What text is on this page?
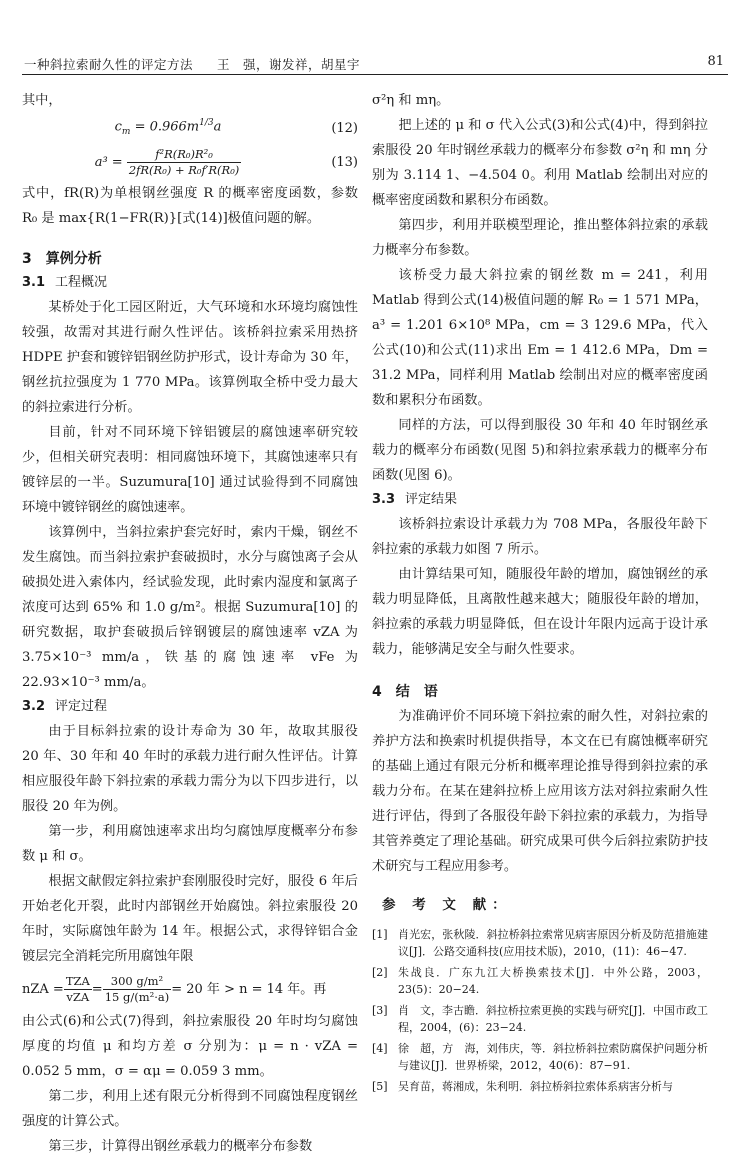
一种斜拉索耐久性的评定方法 王　强，谢发祥，胡星宇	81

其中，

$c_m = 0.966m^{1/3}a$	(12)
$a^3 = \frac{\text{f²R(R₀)R²₀}}{\text{2fR(R₀) + R₀f′R(R₀)}}$	(13)

式中，fR(R)为单根钢丝强度 R 的概率密度函数，参数 R₀ 是 max{R(1−FR(R)}[式(14)]极值问题的解。

3　算例分析
3.1 工程概况

某桥处于化工园区附近，大气环境和水环境均腐蚀性较强，故需对其进行耐久性评估。该桥斜拉索采用热挤 HDPE 护套和镀锌铝钢丝防护形式，设计寿命为 30 年，钢丝抗拉强度为 1 770 MPa。该算例取全桥中受力最大的斜拉索进行分析。

目前，针对不同环境下锌铝镀层的腐蚀速率研究较少，但相关研究表明：相同腐蚀环境下，其腐蚀速率只有镀锌层的一半。Suzumura[10] 通过试验得到不同腐蚀环境中镀锌钢丝的腐蚀速率。

该算例中，当斜拉索护套完好时，索内干燥，钢丝不发生腐蚀。而当斜拉索护套破损时，水分与腐蚀离子会从破损处进入索体内，经试验发现，此时索内湿度和氯离子浓度可达到 65% 和 1.0 g/m²。根据 Suzumura[10] 的研究数据，取护套破损后锌钢镀层的腐蚀速率 vZA 为 3.75×10⁻³ mm/a，铁基的腐蚀速率 vFe 为 22.93×10⁻³ mm/a。

3.2 评定过程

由于目标斜拉索的设计寿命为 30 年，故取其服役 20 年、30 年和 40 年时的承载力进行耐久性评估。计算相应服役年龄下斜拉索的承载力需分为以下四步进行，以服役 20 年为例。

第一步，利用腐蚀速率求出均匀腐蚀厚度概率分布参数 μ 和 σ。

根据文献假定斜拉索护套刚服役时完好，服役 6 年后开始老化开裂，此时内部钢丝开始腐蚀。斜拉索服役 20 年时，实际腐蚀年龄为 14 年。根据公式，求得锌铝合金镀层完全消耗完所用腐蚀年限

nZA = $\frac{\text{TZA}}{\text{vZA}} = \frac{\text{300 g/m²}}{\text{15 g/(m²·a)}} = 20$ 年 > n = 14 年。再

由公式(6)和公式(7)得到，斜拉索服役 20 年时均匀腐蚀厚度的均值 μ 和均方差 σ 分别为：μ = n · vZA = 0.052 5 mm，σ = αμ = 0.059 3 mm。

第二步，利用上述有限元分析得到不同腐蚀程度钢丝强度的计算公式。

第三步，计算得出钢丝承载力的概率分布参数

σ²η 和 mη。

把上述的 μ 和 σ 代入公式(3)和公式(4)中，得到斜拉索服役 20 年时钢丝承载力的概率分布参数 σ²η 和 mη 分别为 3.114 1、−4.504 0。利用 Matlab 绘制出对应的概率密度函数和累积分布函数。

第四步，利用并联模型理论，推出整体斜拉索的承载力概率分布参数。

该桥受力最大斜拉索的钢丝数 m = 241，利用 Matlab 得到公式(14)极值问题的解 R₀ = 1 571 MPa，a³ = 1.201 6×10⁸ MPa，cm = 3 129.6 MPa，代入公式(10)和公式(11)求出 Em = 1 412.6 MPa，Dm = 31.2 MPa，同样利用 Matlab 绘制出对应的概率密度函数和累积分布函数。

同样的方法，可以得到服役 30 年和 40 年时钢丝承载力的概率分布函数(见图 5)和斜拉索承载力的概率分布函数(见图 6)。

3.3 评定结果

该桥斜拉索设计承载力为 708 MPa，各服役年龄下斜拉索的承载力如图 7 所示。

由计算结果可知，随服役年龄的增加，腐蚀钢丝的承载力明显降低，且离散性越来越大；随服役年龄的增加，斜拉索的承载力明显降低，但在设计年限内远高于设计承载力，能够满足安全与耐久性要求。

4　结　语

为准确评价不同环境下斜拉索的耐久性，对斜拉索的养护方法和换索时机提供指导，本文在已有腐蚀概率研究的基础上通过有限元分析和概率理论推导得到斜拉索的承载力分布。在某在建斜拉桥上应用该方法对斜拉索耐久性进行评估，得到了各服役年龄下斜拉索的承载力，为指导其管养奠定了理论基础。研究成果可供今后斜拉索防护技术研究与工程应用参考。

参 考 文 献：
[1] 肖光宏，张秋陵．斜拉桥斜拉索常见病害原因分析及防范措施建议[J]．公路交通科技(应用技术版)，2010，(11)：46−47.
[2] 朱战良．广东九江大桥换索技术[J]．中外公路，2003，23(5)：20−24.
[3] 肖　文，李古瞻．斜拉桥拉索更换的实践与研究[J]．中国市政工程，2004，(6)：23−24.
[4] 徐　超，方　海，刘伟庆，等．斜拉桥斜拉索防腐保护问题分析与建议[J]．世界桥梁，2012，40(6)：87−91.
[5] 吴育苗，蒋湘成，朱利明．斜拉桥斜拉索体系病害分析与
